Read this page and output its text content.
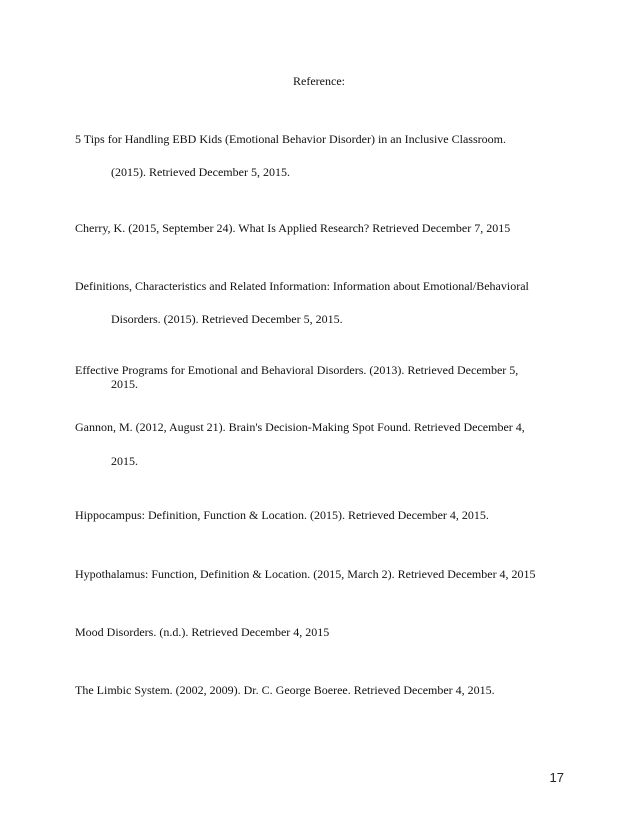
Reference:
5 Tips for Handling EBD Kids (Emotional Behavior Disorder) in an Inclusive Classroom.
(2015). Retrieved December 5, 2015.
Cherry, K. (2015, September 24). What Is Applied Research? Retrieved December 7, 2015
Definitions, Characteristics and Related Information: Information about Emotional/Behavioral
Disorders. (2015). Retrieved December 5, 2015.
Effective Programs for Emotional and Behavioral Disorders. (2013). Retrieved December 5,
2015.
Gannon, M. (2012, August 21). Brain's Decision-Making Spot Found. Retrieved December 4,
2015.
Hippocampus: Definition, Function & Location. (2015). Retrieved December 4, 2015.
Hypothalamus: Function, Definition & Location. (2015, March 2). Retrieved December 4, 2015
Mood Disorders. (n.d.). Retrieved December 4, 2015
The Limbic System. (2002, 2009). Dr. C. George Boeree. Retrieved December 4, 2015.
17
